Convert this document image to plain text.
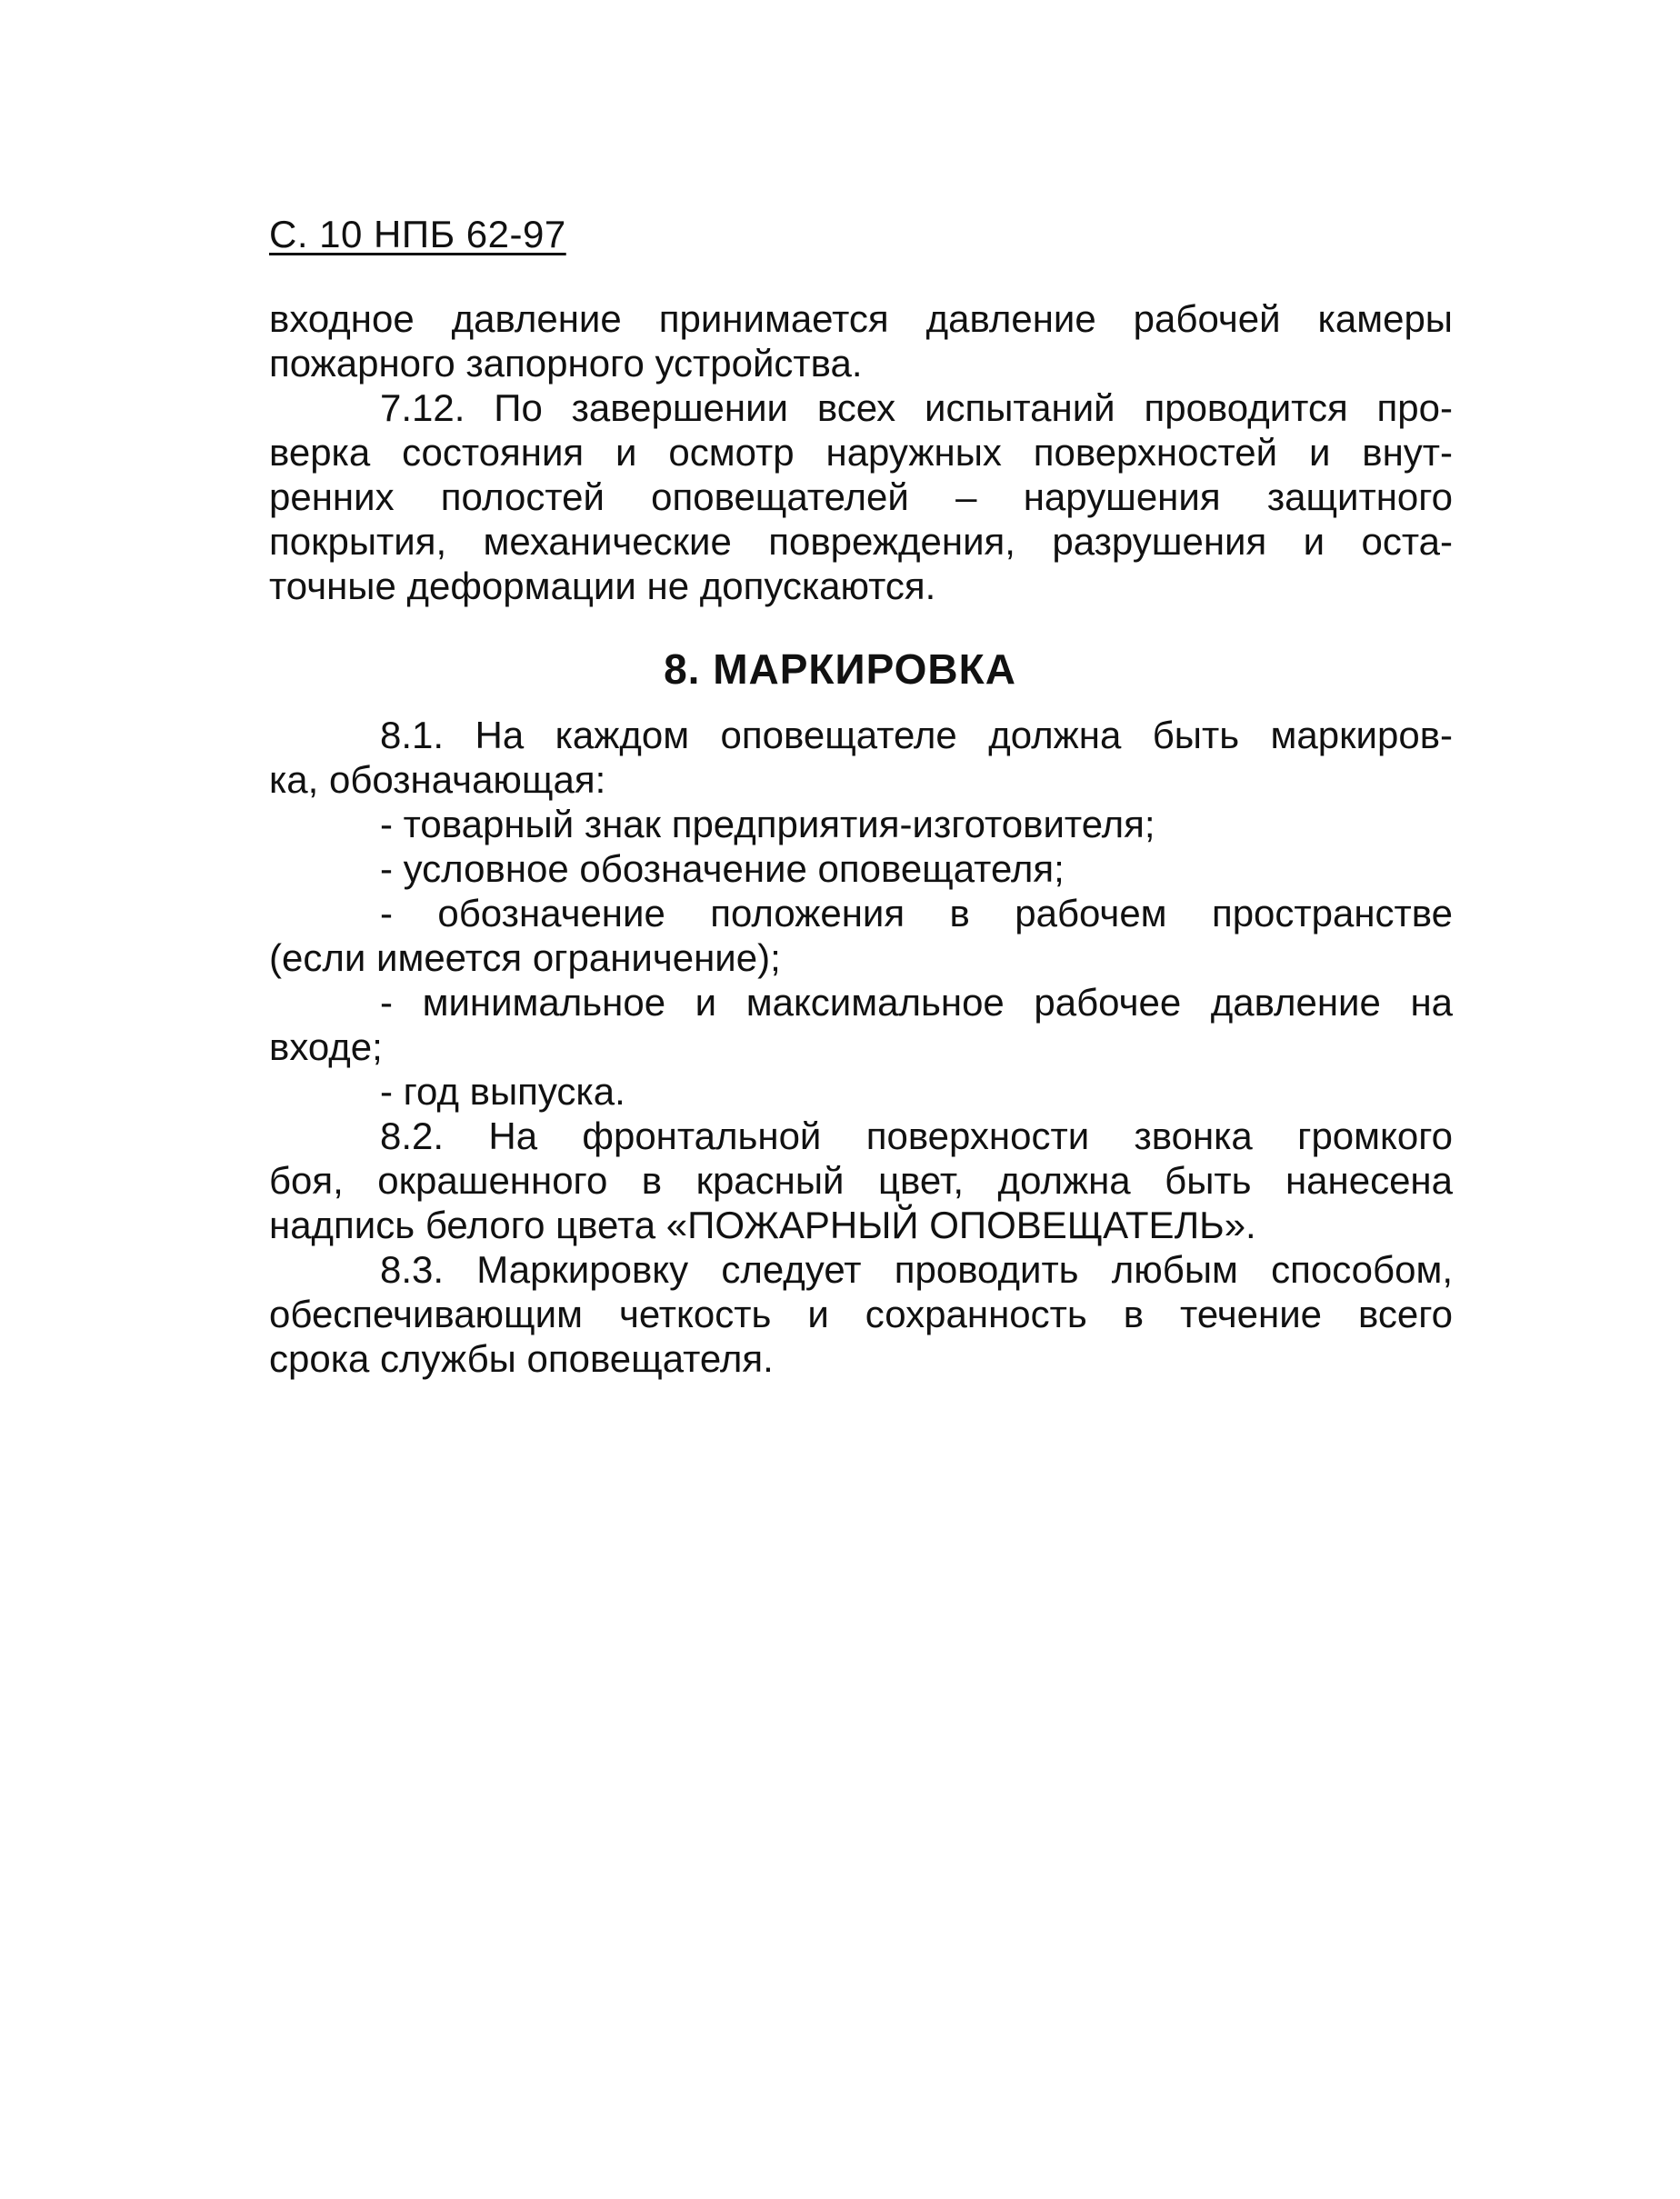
С. 10 НПБ 62-97
входное давление принимается давление рабочей камеры
пожарного запорного устройства.
7.12. По завершении всех испытаний проводится про-
верка состояния и осмотр наружных поверхностей и внут-
ренних полостей оповещателей – нарушения защитного
покрытия, механические повреждения, разрушения и оста-
точные деформации не допускаются.
8. МАРКИРОВКА
8.1. На каждом оповещателе должна быть маркиров-
ка, обозначающая:
- товарный знак предприятия-изготовителя;
- условное обозначение оповещателя;
- обозначение положения в рабочем пространстве
(если имеется ограничение);
- минимальное и максимальное рабочее давление на
входе;
- год выпуска.
8.2. На фронтальной поверхности звонка громкого
боя, окрашенного в красный цвет, должна быть нанесена
надпись белого цвета «ПОЖАРНЫЙ ОПОВЕЩАТЕЛЬ».
8.3. Маркировку следует проводить любым способом,
обеспечивающим четкость и сохранность в течение всего
срока службы оповещателя.
